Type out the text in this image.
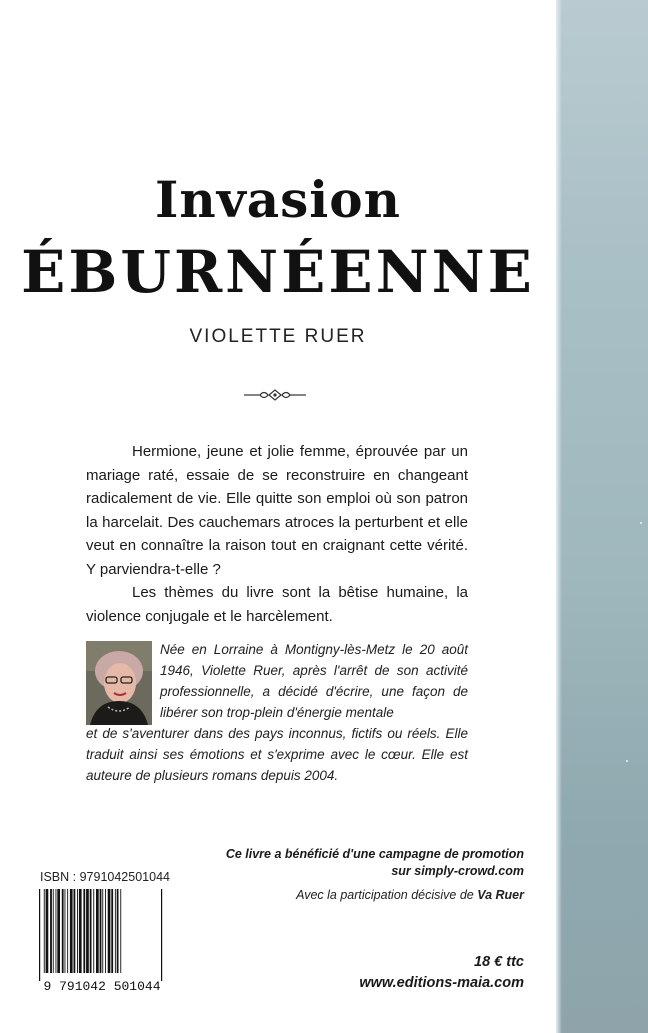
Invasion
ÉBURNÉENNE
VIOLETTE RUER

Hermione, jeune et jolie femme, éprouvée par un mariage raté, essaie de se reconstruire en changeant radicalement de vie. Elle quitte son emploi où son patron la harcelait. Des cauchemars atroces la perturbent et elle veut en connaître la raison tout en craignant cette vérité. Y parviendra-t-elle ?

Les thèmes du livre sont la bêtise humaine, la violence conjugale et le harcèlement.

Née en Lorraine à Montigny-lès-Metz le 20 août 1946, Violette Ruer, après l'arrêt de son activité professionnelle, a décidé d'écrire, une façon de libérer son trop-plein d'énergie mentale
et de s'aventurer dans des pays inconnus, fictifs ou réels. Elle traduit ainsi ses émotions et s'exprime avec le cœur. Elle est auteure de plusieurs romans depuis 2004.
ISBN : 9791042501044
9 791042 501044
Ce livre a bénéficié d'une campagne de promotion
sur simply-crowd.com
Avec la participation décisive de Va Ruer
18 € ttc
www.editions-maia.com
